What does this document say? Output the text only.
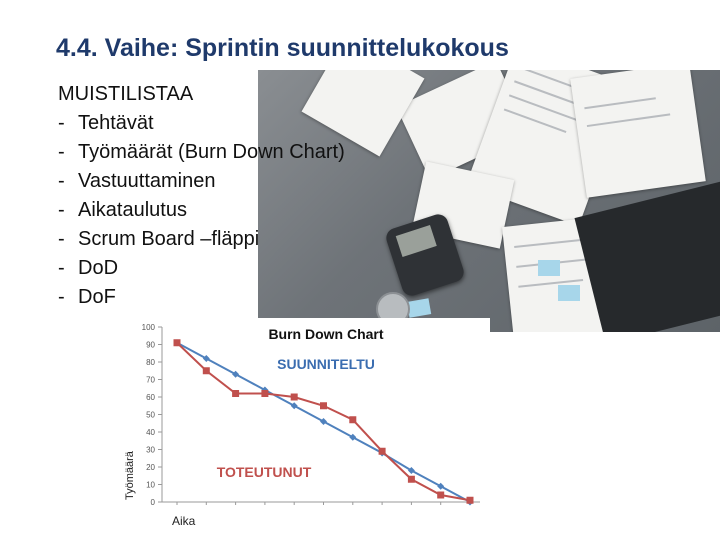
4.4. Vaihe: Sprintin suunnittelukokous
MUISTILISTAA
- Tehtävät
- Työmäärät (Burn Down Chart)
- Vastuuttaminen
- Aikataulutus
- Scrum Board –fläppi
- DoD
- DoF
Burn Down Chart
SUUNNITELTU
TOTEUTUNUT
Työmäärä
Aika
0
10
20
30
40
50
60
70
80
90
100
